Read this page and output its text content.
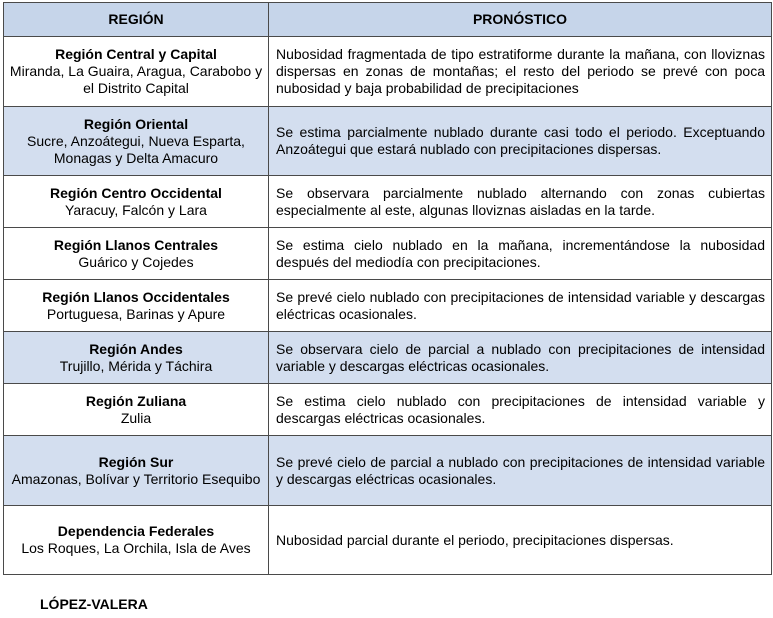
REGIÓN	PRONÓSTICO

Región Central y Capital
Miranda, La Guaira, Aragua, Carabobo y el Distrito Capital	Nubosidad fragmentada de tipo estratiforme durante la mañana, con lloviznas dispersas en zonas de montañas; el resto del periodo se prevé con poca nubosidad y baja probabilidad de precipitaciones

Región Oriental
Sucre, Anzoátegui, Nueva Esparta, Monagas y Delta Amacuro	Se estima parcialmente nublado durante casi todo el periodo. Exceptuando Anzoátegui que estará nublado con precipitaciones dispersas.

Región Centro Occidental
Yaracuy, Falcón y Lara	Se observara parcialmente nublado alternando con zonas cubiertas especialmente al este, algunas lloviznas aisladas en la tarde.

Región Llanos Centrales
Guárico y Cojedes	Se estima cielo nublado en la mañana, incrementándose la nubosidad después del mediodía con precipitaciones.

Región Llanos Occidentales
Portuguesa, Barinas y Apure	Se prevé cielo nublado con precipitaciones de intensidad variable y descargas eléctricas ocasionales.

Región Andes
Trujillo, Mérida y Táchira	Se observara cielo de parcial a nublado con precipitaciones de intensidad variable y descargas eléctricas ocasionales.

Región Zuliana
Zulia	Se estima cielo nublado con precipitaciones de intensidad variable y descargas eléctricas ocasionales.

Región Sur
Amazonas, Bolívar y Territorio Esequibo	Se prevé cielo de parcial a nublado con precipitaciones de intensidad variable y descargas eléctricas ocasionales.

Dependencia Federales
Los Roques, La Orchila, Isla de Aves	Nubosidad parcial durante el periodo, precipitaciones dispersas.
LÓPEZ-VALERA
